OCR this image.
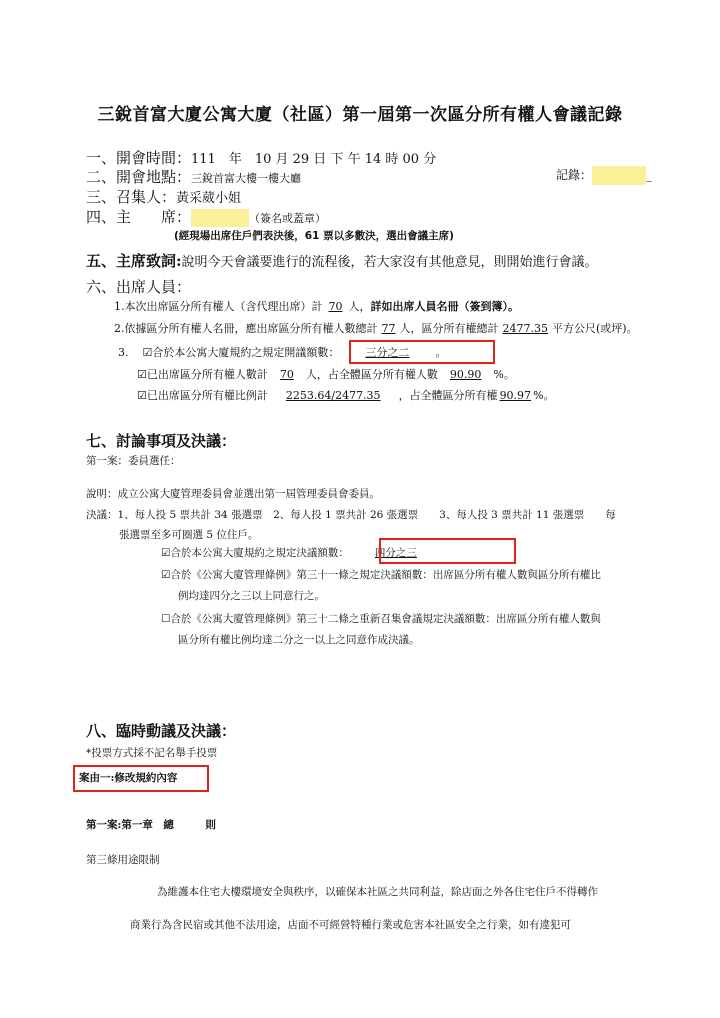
三銳首富大廈公寓大廈（社區）第一屆第一次區分所有權人會議記錄
一、開會時間：111　年　10 月 29 日 下 午 14 時 00 分
二、開會地點：三銳首富大樓一樓大廳	記錄：	_
三、召集人：黃采葳小姐
四、主　　席：	（簽名或蓋章）
(經現場出席住戶們表決後，61 票以多數決，選出會議主席)
五、主席致詞:說明今天會議要進行的流程後，若大家沒有其他意見，則開始進行會議。
六、出席人員：
1.本次出席區分所有權人（含代理出席）計 70 人，詳如出席人員名冊（簽到簿）。
2.依據區分所有權人名冊，應出席區分所有權人數總計 77 人，區分所有權總計 2477.35 平方公尺(或坪)。
3. ☑合於本公寓大廈規約之規定開議額數： 三分之二 。
☑已出席區分所有權人數計 70 人，占全體區分所有權人數 90.90 %。
☑已出席區分所有權比例計 2253.64/2477.35 ，占全體區分所有權 90.97 %。
七、討論事項及決議：
第一案：委員選任：
說明：成立公寓大廈管理委員會並選出第一屆管理委員會委員。
決議：1、每人投 5 票共計 34 張選票　2、每人投 1 票共計 26 張選票　　3、每人投 3 票共計 11 張選票　　每
張選票至多可圈選 5 位住戶。
☑合於本公寓大廈規約之規定決議額數： 四分之三
☑合於《公寓大廈管理條例》第三十一條之規定決議額數：出席區分所有權人數與區分所有權比
例均達四分之三以上同意行之。
☐合於《公寓大廈管理條例》第三十二條之重新召集會議規定決議額數：出席區分所有權人數與
區分所有權比例均達二分之一以上之同意作成決議。
八、臨時動議及決議：
*投票方式採不記名舉手投票
案由一:修改規約內容
第一案:第一章　總　　　則
第三條用途限制
為維護本住宅大樓環境安全與秩序，以確保本社區之共同利益，除店面之外各住宅住戶不得轉作
商業行為含民宿或其他不法用途，店面不可經營特種行業或危害本社區安全之行業，如有違犯可
